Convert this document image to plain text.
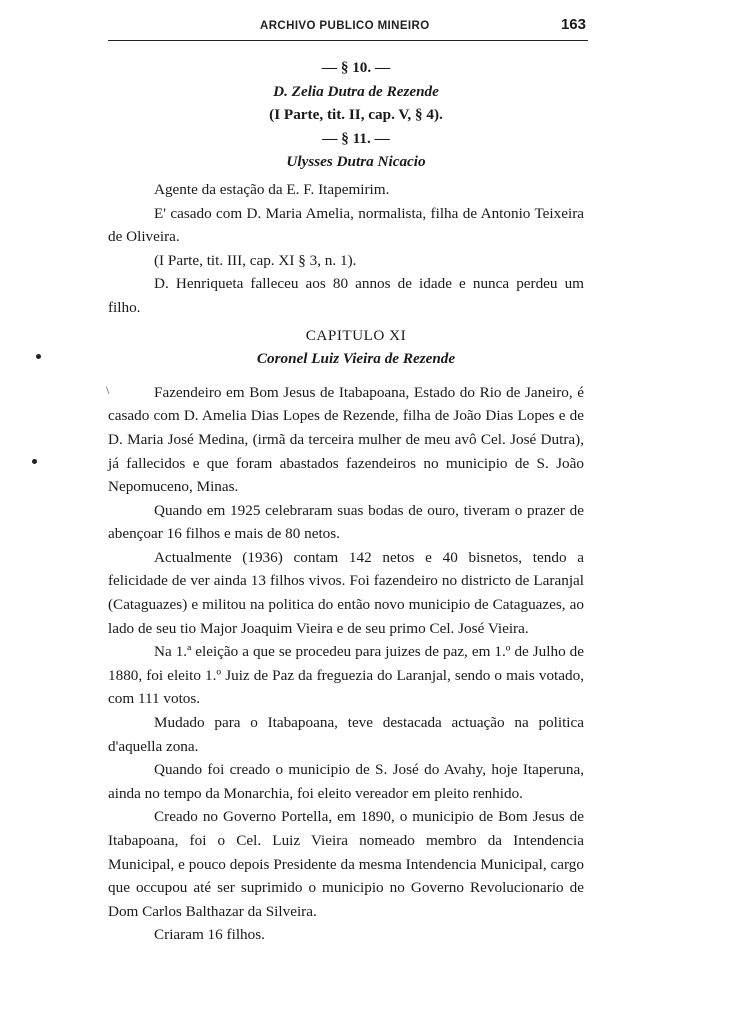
ARCHIVO PUBLICO MINEIRO	163
\
— § 10. —
D. Zelia Dutra de Rezende
(I Parte, tit. II, cap. V, § 4).
— § 11. —
Ulysses Dutra Nicacio

Agente da estação da E. F. Itapemirim.

E' casado com D. Maria Amelia, normalista, filha de Antonio Teixeira de Oliveira.

(I Parte, tit. III, cap. XI § 3, n. 1).

D. Henriqueta falleceu aos 80 annos de idade e nunca perdeu um filho.

CAPITULO XI
Coronel Luiz Vieira de Rezende

Fazendeiro em Bom Jesus de Itabapoana, Estado do Rio de Janeiro, é casado com D. Amelia Dias Lopes de Rezende, filha de João Dias Lopes e de D. Maria José Medina, (irmã da terceira mulher de meu avô Cel. José Dutra), já fallecidos e que foram abastados fazendeiros no municipio de S. João Nepomuceno, Minas.

Quando em 1925 celebraram suas bodas de ouro, tiveram o prazer de abençoar 16 filhos e mais de 80 netos.

Actualmente (1936) contam 142 netos e 40 bisnetos, tendo a felicidade de ver ainda 13 filhos vivos. Foi fazendeiro no districto de Laranjal (Cataguazes) e militou na politica do então novo municipio de Cataguazes, ao lado de seu tio Major Joaquim Vieira e de seu primo Cel. José Vieira.

Na 1.ª eleição a que se procedeu para juizes de paz, em 1.º de Julho de 1880, foi eleito 1.º Juiz de Paz da freguezia do Laranjal, sendo o mais votado, com 111 votos.

Mudado para o Itabapoana, teve destacada actuação na politica d'aquella zona.

Quando foi creado o municipio de S. José do Avahy, hoje Itaperuna, ainda no tempo da Monarchia, foi eleito vereador em pleito renhido.

Creado no Governo Portella, em 1890, o municipio de Bom Jesus de Itabapoana, foi o Cel. Luiz Vieira nomeado membro da Intendencia Municipal, e pouco depois Presidente da mesma Intendencia Municipal, cargo que occupou até ser suprimido o municipio no Governo Revolucionario de Dom Carlos Balthazar da Silveira.

Criaram 16 filhos.
